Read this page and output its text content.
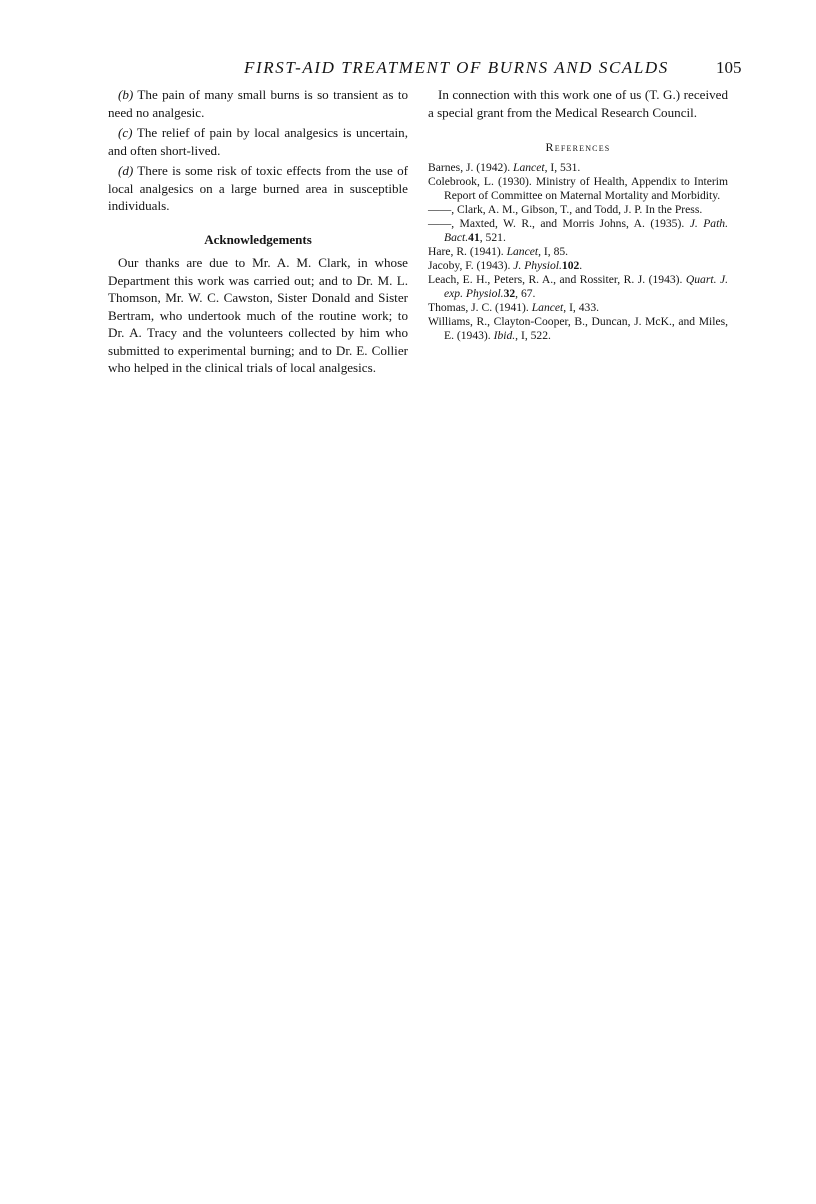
FIRST-AID TREATMENT OF BURNS AND SCALDS	105

(b) The pain of many small burns is so transient as to need no analgesic.

(c) The relief of pain by local analgesics is uncertain, and often short-lived.

(d) There is some risk of toxic effects from the use of local analgesics on a large burned area in susceptible individuals.

Acknowledgements

Our thanks are due to Mr. A. M. Clark, in whose Department this work was carried out; and to Dr. M. L. Thomson, Mr. W. C. Cawston, Sister Donald and Sister Bertram, who undertook much of the routine work; to Dr. A. Tracy and the volunteers collected by him who submitted to experimental burning; and to Dr. E. Collier who helped in the clinical trials of local analgesics.

In connection with this work one of us (T. G.) received a special grant from the Medical Research Council.

References
Barnes, J. (1942). Lancet, I, 531.
Colebrook, L. (1930). Ministry of Health, Appendix to Interim Report of Committee on Maternal Mortality and Morbidity.
——, Clark, A. M., Gibson, T., and Todd, J. P. In the Press.
——, Maxted, W. R., and Morris Johns, A. (1935). J. Path. Bact.41, 521.
Hare, R. (1941). Lancet, I, 85.
Jacoby, F. (1943). J. Physiol.102.
Leach, E. H., Peters, R. A., and Rossiter, R. J. (1943). Quart. J. exp. Physiol.32, 67.
Thomas, J. C. (1941). Lancet, I, 433.
Williams, R., Clayton-Cooper, B., Duncan, J. McK., and Miles, E. (1943). Ibid., I, 522.
